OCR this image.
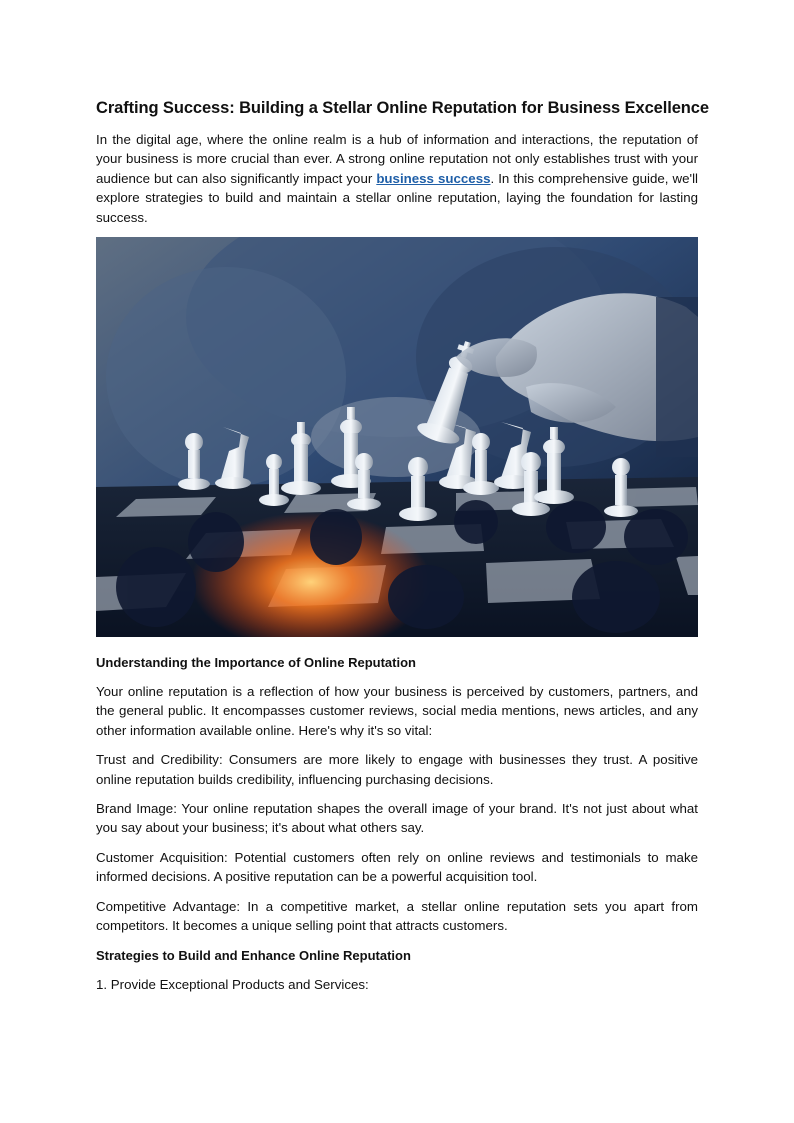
Crafting Success: Building a Stellar Online Reputation for Business Excellence

In the digital age, where the online realm is a hub of information and interactions, the reputation of your business is more crucial than ever. A strong online reputation not only establishes trust with your audience but can also significantly impact your business success. In this comprehensive guide, we'll explore strategies to build and maintain a stellar online reputation, laying the foundation for lasting success.

Understanding the Importance of Online Reputation

Your online reputation is a reflection of how your business is perceived by customers, partners, and the general public. It encompasses customer reviews, social media mentions, news articles, and any other information available online. Here's why it's so vital:

Trust and Credibility: Consumers are more likely to engage with businesses they trust. A positive online reputation builds credibility, influencing purchasing decisions.

Brand Image: Your online reputation shapes the overall image of your brand. It's not just about what you say about your business; it's about what others say.

Customer Acquisition: Potential customers often rely on online reviews and testimonials to make informed decisions. A positive reputation can be a powerful acquisition tool.

Competitive Advantage: In a competitive market, a stellar online reputation sets you apart from competitors. It becomes a unique selling point that attracts customers.

Strategies to Build and Enhance Online Reputation

1. Provide Exceptional Products and Services:
